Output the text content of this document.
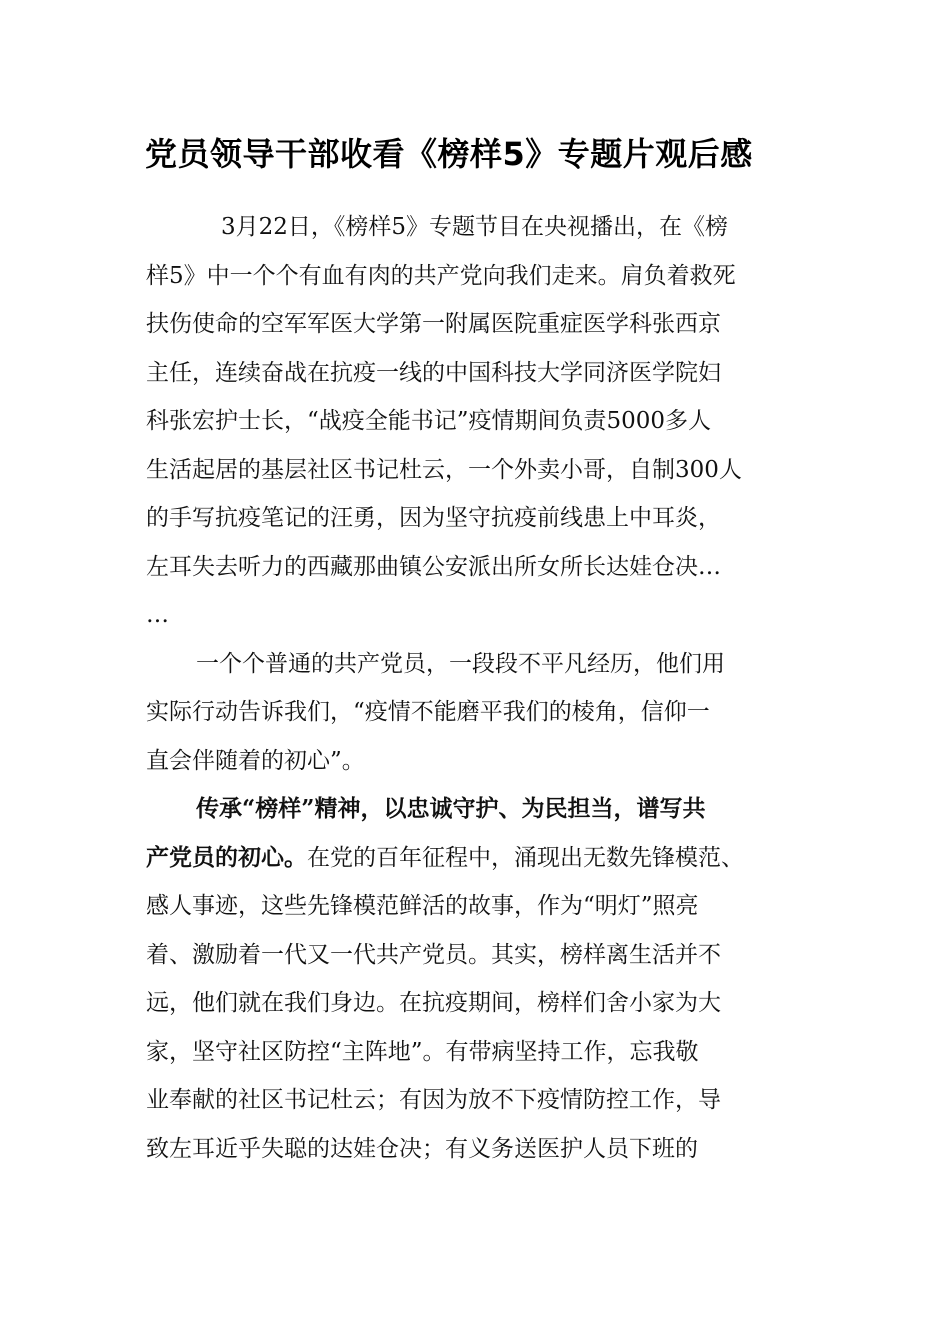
党员领导干部收看《榜样5》专题片观后感
3月22日，《榜样5》专题节目在央视播出，在《榜
样5》中一个个有血有肉的共产党向我们走来。肩负着救死
扶伤使命的空军军医大学第一附属医院重症医学科张西京
主任，连续奋战在抗疫一线的中国科技大学同济医学院妇
科张宏护士长，“战疫全能书记”疫情期间负责5000多人
生活起居的基层社区书记杜云，一个外卖小哥，自制300人
的手写抗疫笔记的汪勇，因为坚守抗疫前线患上中耳炎，
左耳失去听力的西藏那曲镇公安派出所女所长达娃仓决…
…
一个个普通的共产党员，一段段不平凡经历，他们用
实际行动告诉我们，“疫情不能磨平我们的棱角，信仰一
直会伴随着的初心”。
传承“榜样”精神，以忠诚守护、为民担当，谱写共
产党员的初心。在党的百年征程中，涌现出无数先锋模范、
感人事迹，这些先锋模范鲜活的故事，作为“明灯”照亮
着、激励着一代又一代共产党员。其实，榜样离生活并不
远，他们就在我们身边。在抗疫期间，榜样们舍小家为大
家，坚守社区防控“主阵地”。有带病坚持工作，忘我敬
业奉献的社区书记杜云；有因为放不下疫情防控工作，导
致左耳近乎失聪的达娃仓决；有义务送医护人员下班的
